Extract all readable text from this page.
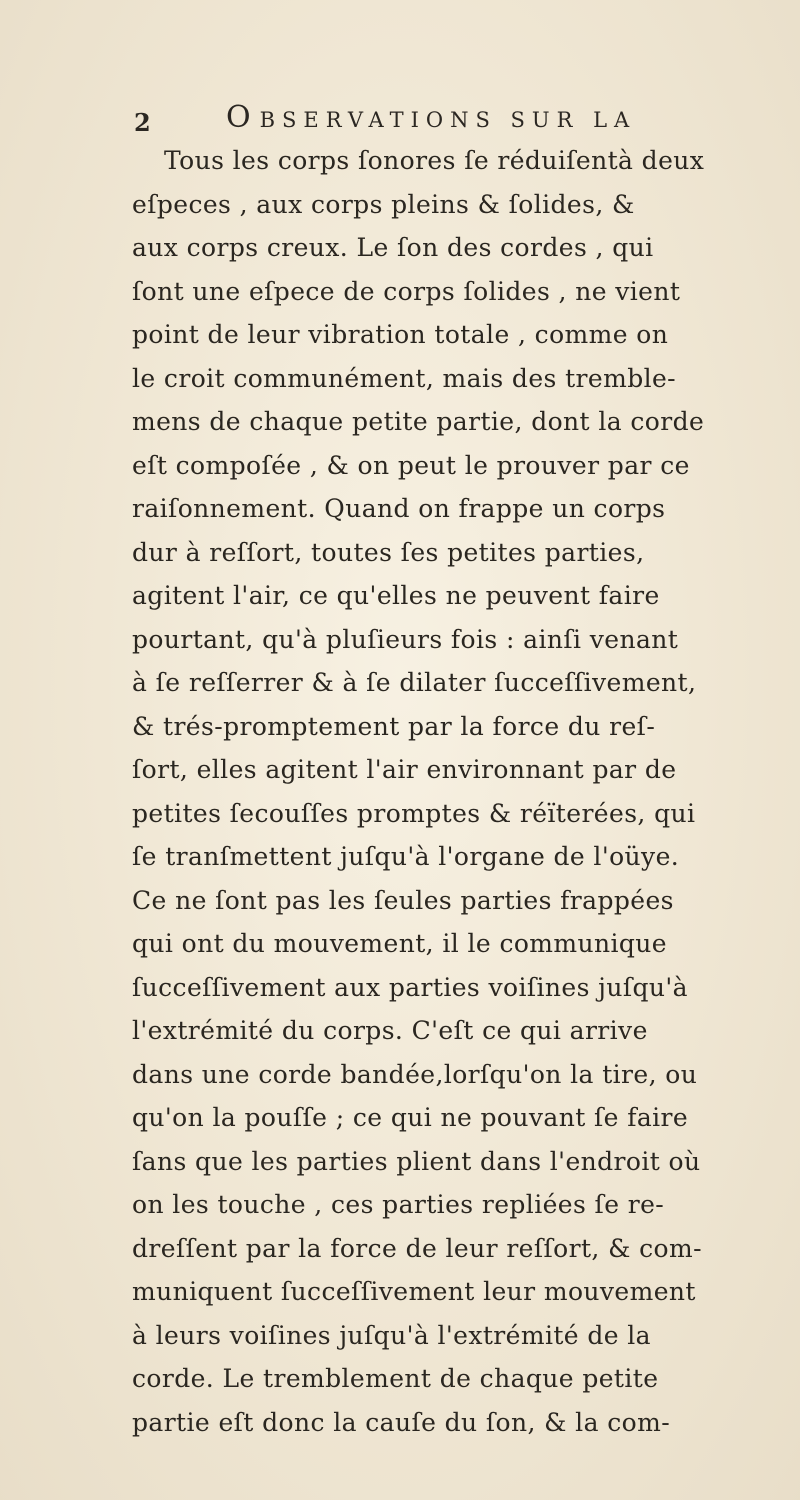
2	OBSERVATIONS SUR LA
Tous les corps ſonores ſe réduiſentà deux
eſpeces , aux corps pleins & ſolides, &
aux corps creux. Le ſon des cordes , qui
ſont une eſpece de corps ſolides , ne vient
point de leur vibration totale , comme on
le croit communément, mais des tremble-
mens de chaque petite partie, dont la corde
eſt compoſée , & on peut le prouver par ce
raiſonnement. Quand on frappe un corps
dur à reſſort, toutes ſes petites parties,
agitent l'air, ce qu'elles ne peuvent faire
pourtant, qu'à pluſieurs fois : ainſi venant
à ſe reſſerrer & à ſe dilater ſucceſſivement,
& trés-promptement par la force du reſ-
ſort, elles agitent l'air environnant par de
petites ſecouſſes promptes & réïterées, qui
ſe tranſmettent juſqu'à l'organe de l'oüye.
Ce ne ſont pas les ſeules parties frappées
qui ont du mouvement, il le communique
ſucceſſivement aux parties voiſines juſqu'à
l'extrémité du corps. C'eſt ce qui arrive
dans une corde bandée,lorſqu'on la tire, ou
qu'on la pouſſe ; ce qui ne pouvant ſe faire
ſans que les parties plient dans l'endroit où
on les touche , ces parties repliées ſe re-
dreſſent par la force de leur reſſort, & com-
muniquent ſucceſſivement leur mouvement
à leurs voiſines juſqu'à l'extrémité de la
corde. Le tremblement de chaque petite
partie eſt donc la cauſe du ſon, & la com-
